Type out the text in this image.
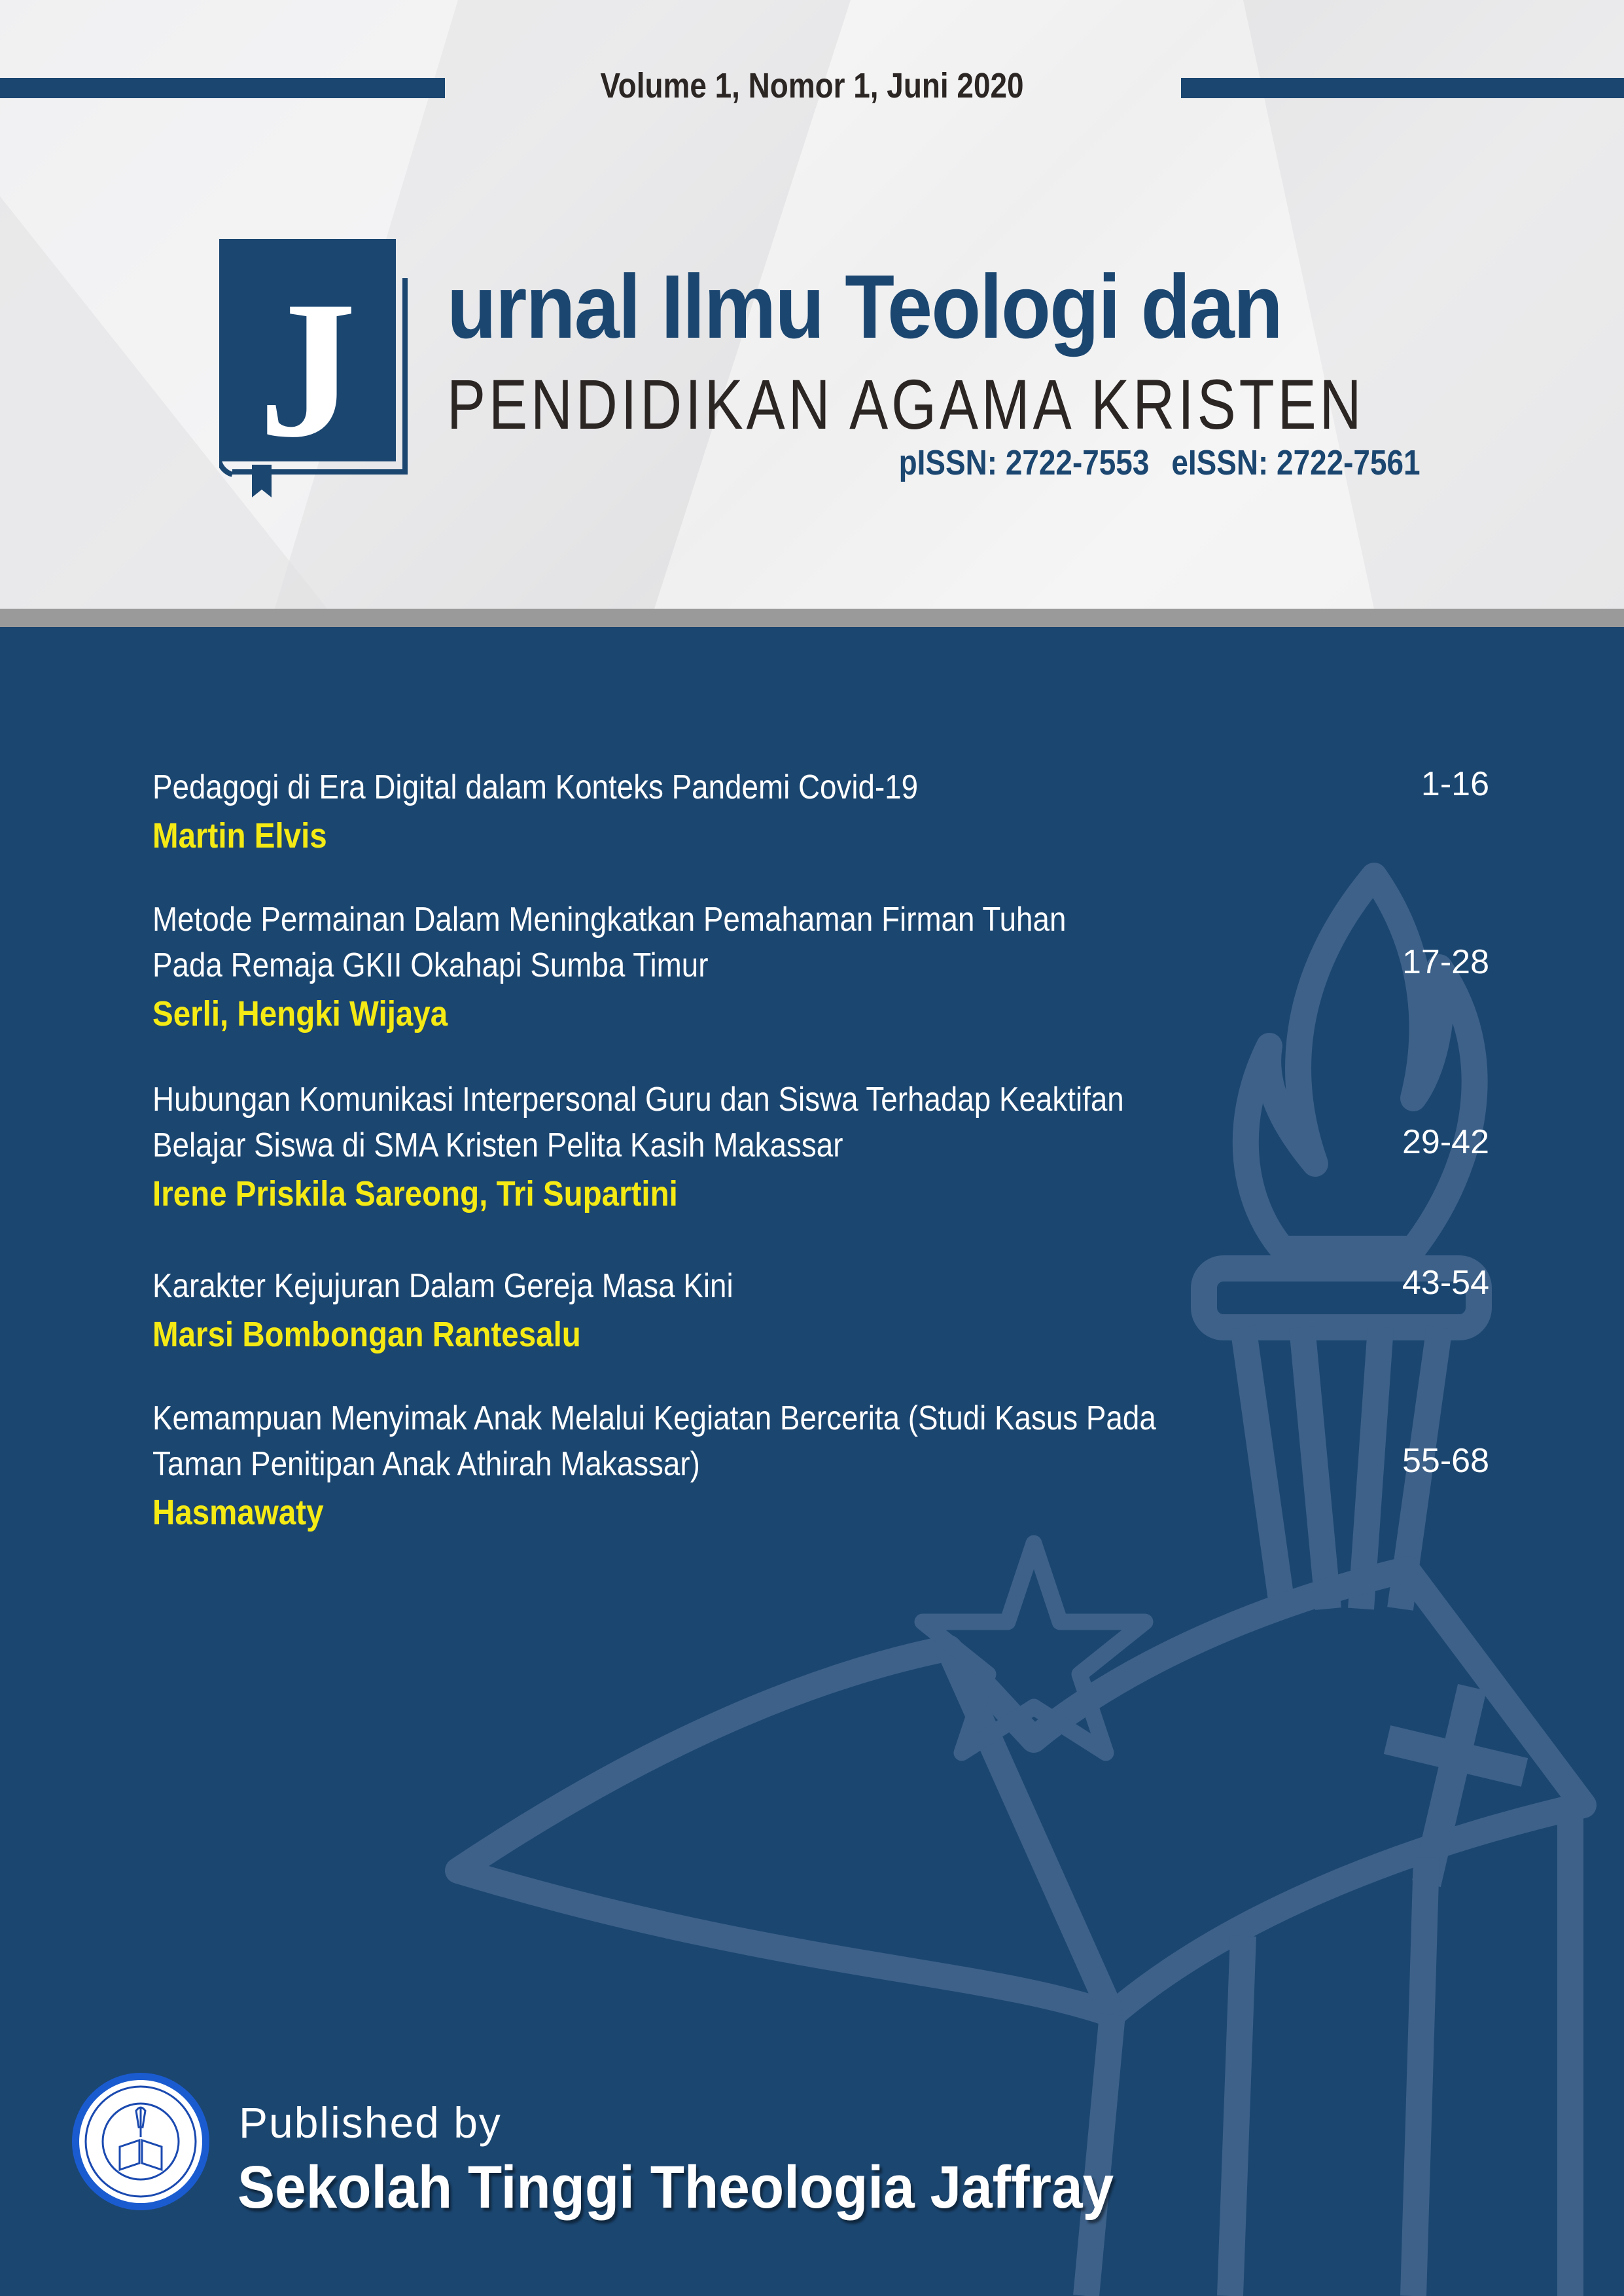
Volume 1, Nomor 1, Juni 2020
J urnal Ilmu Teologi dan
PENDIDIKAN AGAMA KRISTEN
pISSN: 2722-7553 eISSN: 2722-7561
Pedagogi di Era Digital dalam Konteks Pandemi Covid-19
Martin Elvis
1-16
Metode Permainan Dalam Meningkatkan Pemahaman Firman Tuhan
Pada Remaja GKII Okahapi Sumba Timur
Serli, Hengki Wijaya
17-28
Hubungan Komunikasi Interpersonal Guru dan Siswa Terhadap Keaktifan
Belajar Siswa di SMA Kristen Pelita Kasih Makassar
Irene Priskila Sareong, Tri Supartini
29-42
Karakter Kejujuran Dalam Gereja Masa Kini
Marsi Bombongan Rantesalu
43-54
Kemampuan Menyimak Anak Melalui Kegiatan Bercerita (Studi Kasus Pada
Taman Penitipan Anak Athirah Makassar)
Hasmawaty
55-68
Published by
Sekolah Tinggi Theologia Jaffray
